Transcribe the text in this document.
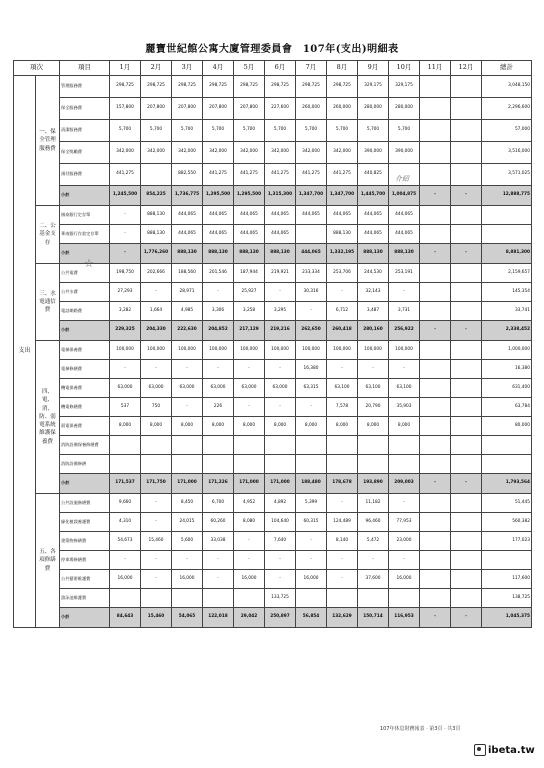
麗寶世紀館公寓大廈管理委員會　107年(支出)明細表
項次		項目	1月	2月	3月	4月	5月	6月	7月	8月	9月	10月	11月	12月	總計
支出	一、保全管理服務費	管理服務費	298,725	298,725	298,725	298,725	298,725	298,725	298,725	298,725	329,175	329,175			3,048,150
		保全服務費	157,800	207,800	207,800	207,800	207,800	227,600	260,000	260,000	280,000	280,000			2,296,600
		清潔服務費	5,700	5,700	5,700	5,700	5,700	5,700	5,700	5,700	5,700	5,700			57,000
		保全獎勵費	342,000	342,000	342,000	342,000	342,000	342,000	342,000	342,000	390,000	390,000			3,516,000
		預付服務費	441,275		882,550	441,275	441,275	441,275	441,275	441,275	440,825				3,571,025
		小計	1,245,500	854,225	1,736,775	1,295,500	1,295,500	1,315,300	1,347,700	1,347,700	1,445,700	1,004,875	-	-	12,888,775
	二、公基金支存	國泰銀行定存單	-	888,130	444,065	444,065	444,065	444,065	444,065	444,065	444,065	444,065			
		華南銀行存款定存單	-	888,130	444,065	444,065	444,065	444,065		888,130	444,065	444,065			
		小計	-	1,776,260	888,130	888,130	888,130	888,130	444,065	1,332,195	888,130	888,130	-	-	8,881,300
	三、水電通信費	公共電費	198,750	202,666	188,560	201,546	187,944	219,921	233,334	253,706	244,530	253,191			2,159,657
		公共水費	27,293	-	28,971	-	25,927	-	30,316	-	32,143	-			145,354
		電話網路費	3,282	1,664	4,985	3,306	3,258	3,295	-	6,712	3,487	3,731			33,741
		小計	229,325	204,330	222,630	204,852	217,129	219,216	262,650	260,418	280,160	256,922	-	-	2,338,452
	四、電、消、防、弱電系統維護保養費	電梯保養費	100,000	100,000	100,000	100,000	100,000	100,000	100,000	100,000	100,000	100,000			1,000,000
		電梯修繕費	-	-	-	-	-	-	16,380	-	-	-			16,380
		機電保養費	63,000	63,000	63,000	63,000	63,000	63,000	63,315	63,100	63,100	63,100			631,400
		機電修繕費	537	750	-	226	-	-	-	7,578	20,790	35,903			63,784
		弱電保養費	8,000	8,000	8,000	8,000	8,000	8,000	8,000	8,000	8,000	8,000			80,000
		消防設備保養修繕費													
		消防設備修繕													
		小計	171,537	171,750	171,000	171,226	171,000	171,000	188,480	178,678	193,890	209,003	-	-	1,793,564
	五、各項修繕費	公共設施修繕費	9,660	-	8,450	6,700	4,952	4,892	5,399	-	11,182	-			51,445
		綠化植栽養護費	4,310	-	24,015	60,260	8,080	104,640	60,315	124,489	96,460	77,953			560,382
		建築物修繕費	54,673	15,460	5,600	33,038	-	7,640	-	8,140	5,472	23,000			177,023
		停車場修繕費	-	-	-	-	-	-	-	-	-	-			
		公共藝術維護費	16,000	-	16,000	-	16,000	-	16,000	-	37,600	16,000			117,600
		游泳池維護費						133,725							138,725
		小計	84,643	15,460	54,065	122,018	29,042	250,897	56,854	132,629	150,714	116,953	-	-	1,045,375
介紹
☆
107年休息財務報表 · 第3頁 · 共3頁
ibeta.tw
